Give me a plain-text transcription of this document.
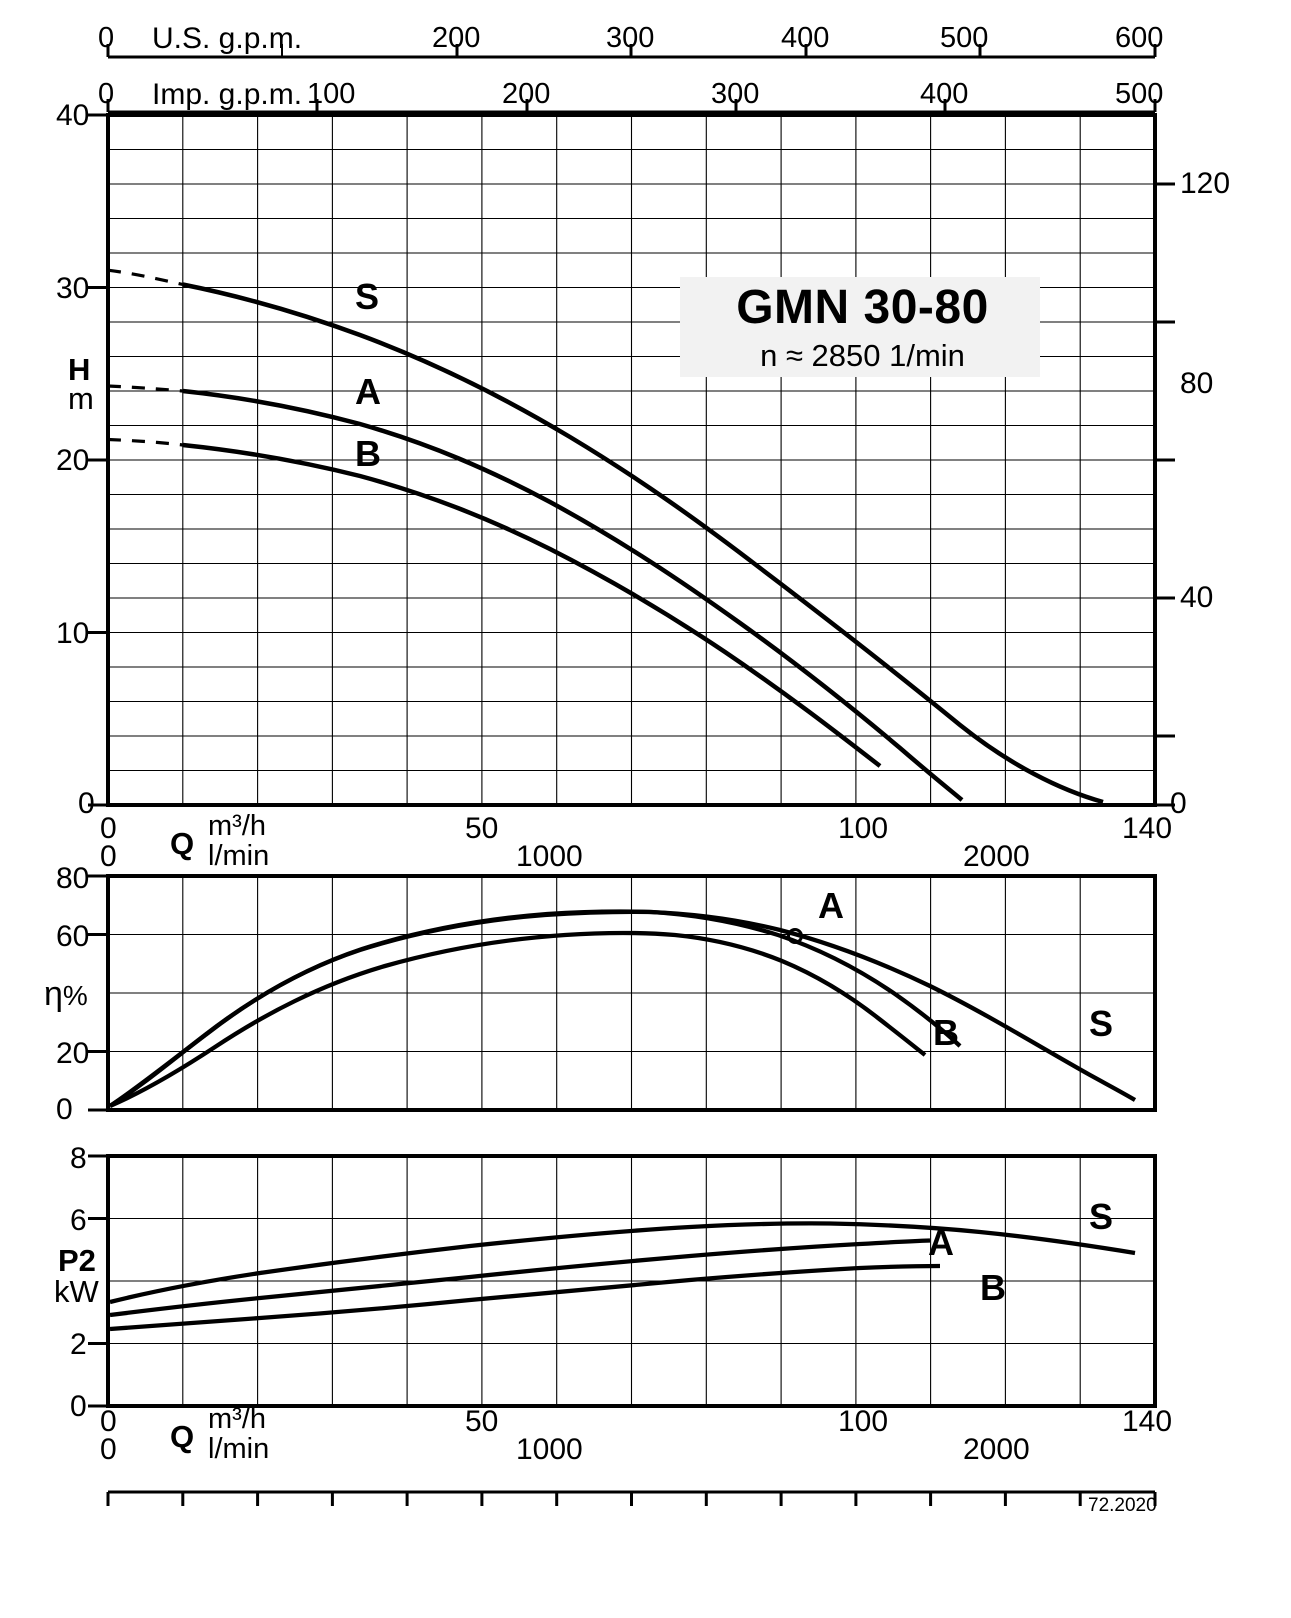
0 U.S. g.p.m.	200	300	400	500	600
0 Imp. g.p.m. 100	200	300	400	500
GMN 30-80
n ≈ 2850 1/min
40
30
20
10
0
H
m
120
80
40
0
S
A
B
0 Q m³/h	50	100	140
0	l/min	1000	2000
80
60
20
0
η%
A
B	S
8
6
2
0
P2
kW
S
A
B
0 Q m³/h	50	100	140
0	l/min	1000	2000
72.2020
